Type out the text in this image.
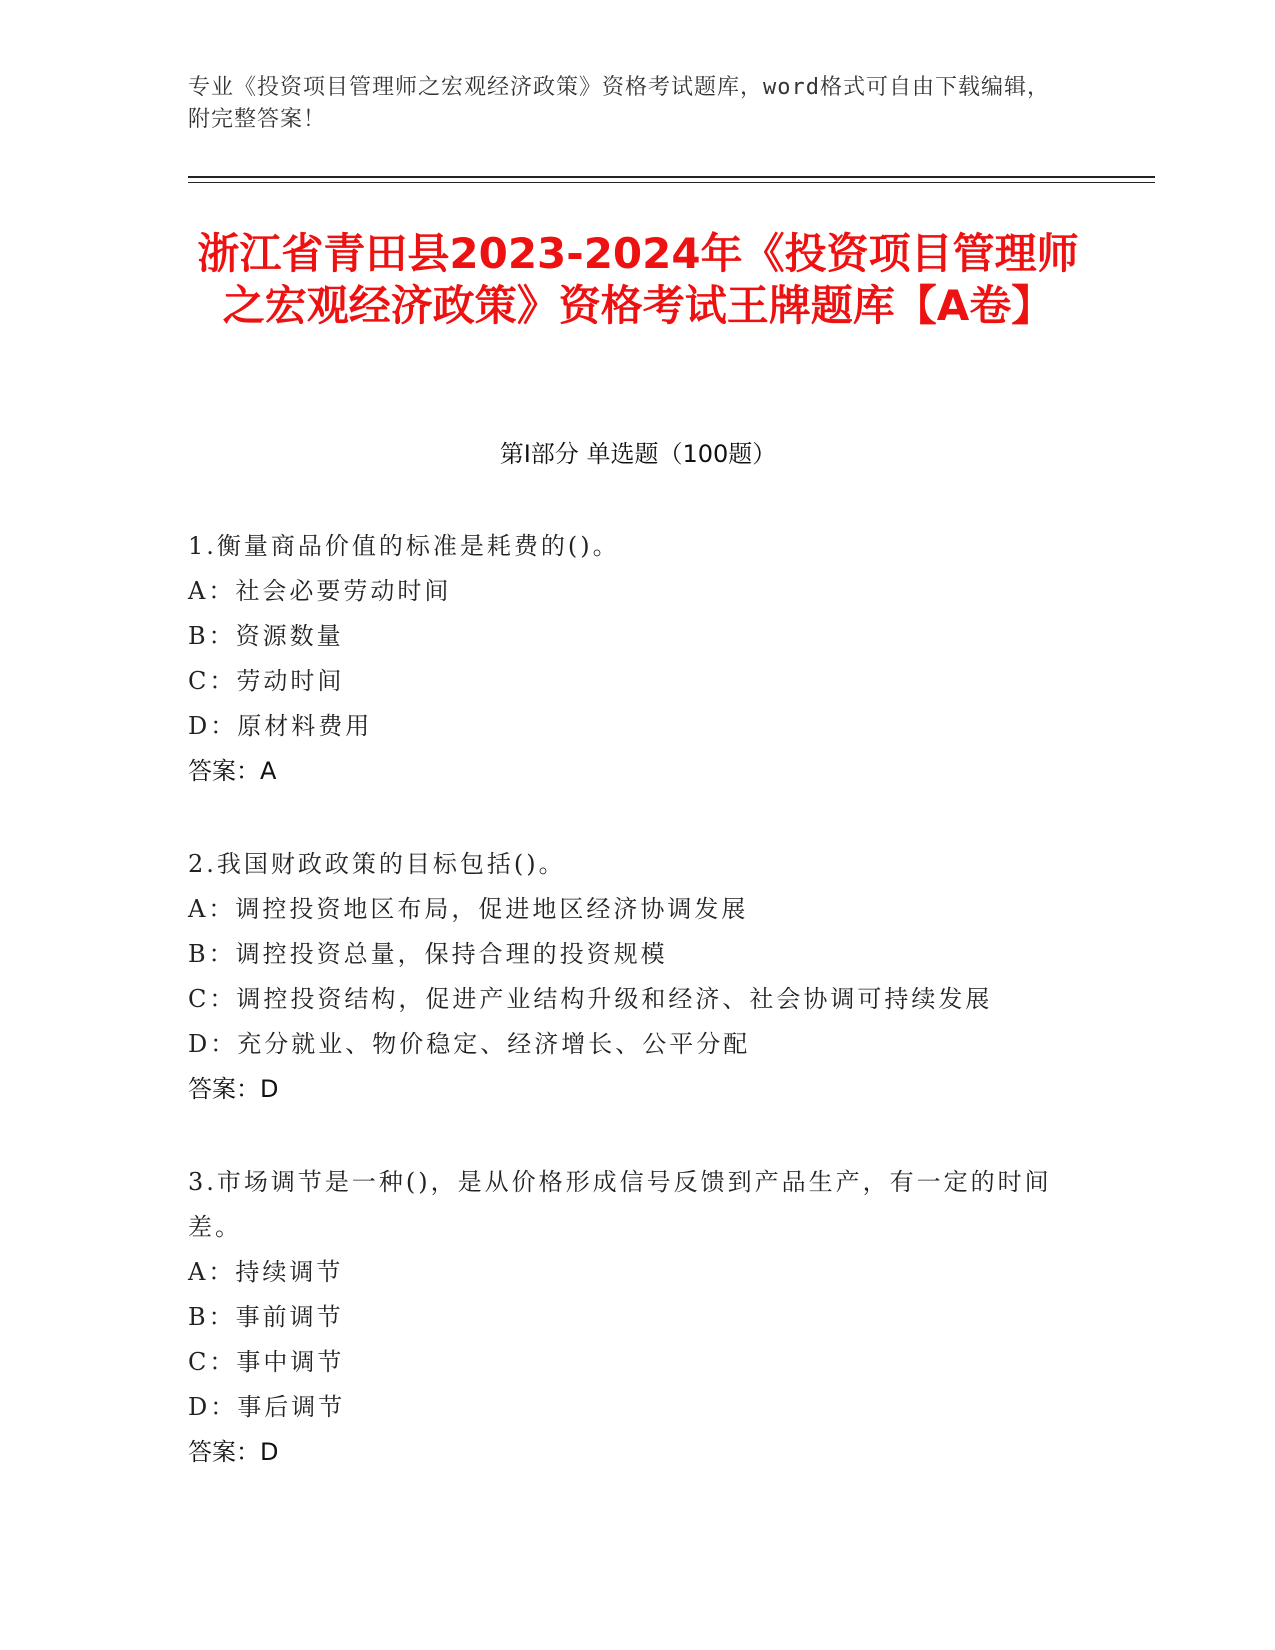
专业《投资项目管理师之宏观经济政策》资格考试题库，word格式可自由下载编辑，附完整答案！
浙江省青田县2023-2024年《投资项目管理师之宏观经济政策》资格考试王牌题库【A卷】
第I部分 单选题（100题）

1.衡量商品价值的标准是耗费的()。

A：社会必要劳动时间

B：资源数量

C：劳动时间

D：原材料费用

答案：A

2.我国财政政策的目标包括()。

A：调控投资地区布局，促进地区经济协调发展

B：调控投资总量，保持合理的投资规模

C：调控投资结构，促进产业结构升级和经济、社会协调可持续发展

D：充分就业、物价稳定、经济增长、公平分配

答案：D

3.市场调节是一种()，是从价格形成信号反馈到产品生产，有一定的时间差。

A：持续调节

B：事前调节

C：事中调节

D：事后调节

答案：D
